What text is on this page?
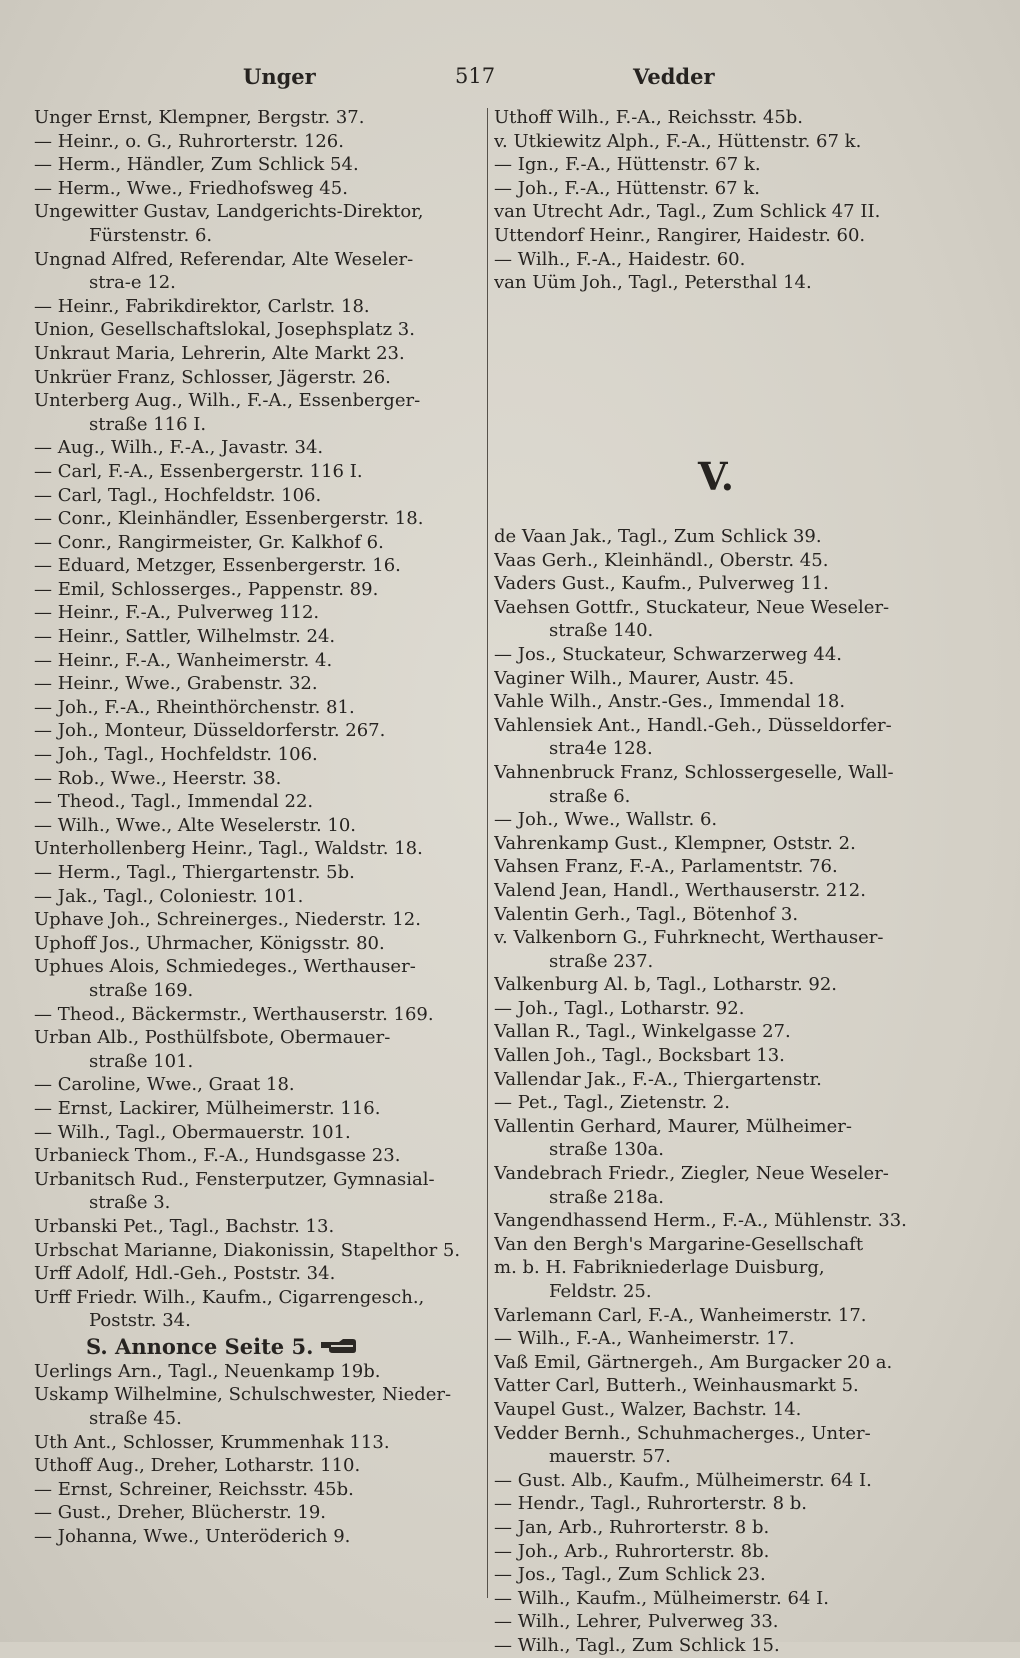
Unger	517	Vedder
Unger Ernst, Klempner, Bergstr. 37.
— Heinr., o. G., Ruhrorterstr. 126.
— Herm., Händler, Zum Schlick 54.
— Herm., Wwe., Friedhofsweg 45.
Ungewitter Gustav, Landgerichts-Direktor,
Fürstenstr. 6.
Ungnad Alfred, Referendar, Alte Weseler-
stra-e 12.
— Heinr., Fabrikdirektor, Carlstr. 18.
Union, Gesellschaftslokal, Josephsplatz 3.
Unkraut Maria, Lehrerin, Alte Markt 23.
Unkrüer Franz, Schlosser, Jägerstr. 26.
Unterberg Aug., Wilh., F.-A., Essenberger-
straße 116 I.
— Aug., Wilh., F.-A., Javastr. 34.
— Carl, F.-A., Essenbergerstr. 116 I.
— Carl, Tagl., Hochfeldstr. 106.
— Conr., Kleinhändler, Essenbergerstr. 18.
— Conr., Rangirmeister, Gr. Kalkhof 6.
— Eduard, Metzger, Essenbergerstr. 16.
— Emil, Schlosserges., Pappenstr. 89.
— Heinr., F.-A., Pulverweg 112.
— Heinr., Sattler, Wilhelmstr. 24.
— Heinr., F.-A., Wanheimerstr. 4.
— Heinr., Wwe., Grabenstr. 32.
— Joh., F.-A., Rheinthörchenstr. 81.
— Joh., Monteur, Düsseldorferstr. 267.
— Joh., Tagl., Hochfeldstr. 106.
— Rob., Wwe., Heerstr. 38.
— Theod., Tagl., Immendal 22.
— Wilh., Wwe., Alte Weselerstr. 10.
Unterhollenberg Heinr., Tagl., Waldstr. 18.
— Herm., Tagl., Thiergartenstr. 5b.
— Jak., Tagl., Coloniestr. 101.
Uphave Joh., Schreinerges., Niederstr. 12.
Uphoff Jos., Uhrmacher, Königsstr. 80.
Uphues Alois, Schmiedeges., Werthauser-
straße 169.
— Theod., Bäckermstr., Werthauserstr. 169.
Urban Alb., Posthülfsbote, Obermauer-
straße 101.
— Caroline, Wwe., Graat 18.
— Ernst, Lackirer, Mülheimerstr. 116.
— Wilh., Tagl., Obermauerstr. 101.
Urbanieck Thom., F.-A., Hundsgasse 23.
Urbanitsch Rud., Fensterputzer, Gymnasial-
straße 3.
Urbanski Pet., Tagl., Bachstr. 13.
Urbschat Marianne, Diakonissin, Stapelthor 5.
Urff Adolf, Hdl.-Geh., Poststr. 34.
Urff Friedr. Wilh., Kaufm., Cigarrengesch.,
Poststr. 34.
S. Annonce Seite 5.
Uerlings Arn., Tagl., Neuenkamp 19b.
Uskamp Wilhelmine, Schulschwester, Nieder-
straße 45.
Uth Ant., Schlosser, Krummenhak 113.
Uthoff Aug., Dreher, Lotharstr. 110.
— Ernst, Schreiner, Reichsstr. 45b.
— Gust., Dreher, Blücherstr. 19.
— Johanna, Wwe., Unteröderich 9.
Uthoff Wilh., F.-A., Reichsstr. 45b.
v. Utkiewitz Alph., F.-A., Hüttenstr. 67 k.
— Ign., F.-A., Hüttenstr. 67 k.
— Joh., F.-A., Hüttenstr. 67 k.
van Utrecht Adr., Tagl., Zum Schlick 47 II.
Uttendorf Heinr., Rangirer, Haidestr. 60.
— Wilh., F.-A., Haidestr. 60.
van Uüm Joh., Tagl., Petersthal 14.
V.
de Vaan Jak., Tagl., Zum Schlick 39.
Vaas Gerh., Kleinhändl., Oberstr. 45.
Vaders Gust., Kaufm., Pulverweg 11.
Vaehsen Gottfr., Stuckateur, Neue Weseler-
straße 140.
— Jos., Stuckateur, Schwarzerweg 44.
Vaginer Wilh., Maurer, Austr. 45.
Vahle Wilh., Anstr.-Ges., Immendal 18.
Vahlensiek Ant., Handl.-Geh., Düsseldorfer-
stra4e 128.
Vahnenbruck Franz, Schlossergeselle, Wall-
straße 6.
— Joh., Wwe., Wallstr. 6.
Vahrenkamp Gust., Klempner, Oststr. 2.
Vahsen Franz, F.-A., Parlamentstr. 76.
Valend Jean, Handl., Werthauserstr. 212.
Valentin Gerh., Tagl., Bötenhof 3.
v. Valkenborn G., Fuhrknecht, Werthauser-
straße 237.
Valkenburg Al. b, Tagl., Lotharstr. 92.
— Joh., Tagl., Lotharstr. 92.
Vallan R., Tagl., Winkelgasse 27.
Vallen Joh., Tagl., Bocksbart 13.
Vallendar Jak., F.-A., Thiergartenstr.
— Pet., Tagl., Zietenstr. 2.
Vallentin Gerhard, Maurer, Mülheimer-
straße 130a.
Vandebrach Friedr., Ziegler, Neue Weseler-
straße 218a.
Vangendhassend Herm., F.-A., Mühlenstr. 33.
Van den Bergh's Margarine-Gesellschaft
m. b. H. Fabrikniederlage Duisburg,
Feldstr. 25.
Varlemann Carl, F.-A., Wanheimerstr. 17.
— Wilh., F.-A., Wanheimerstr. 17.
Vaß Emil, Gärtnergeh., Am Burgacker 20 a.
Vatter Carl, Butterh., Weinhausmarkt 5.
Vaupel Gust., Walzer, Bachstr. 14.
Vedder Bernh., Schuhmacherges., Unter-
mauerstr. 57.
— Gust. Alb., Kaufm., Mülheimerstr. 64 I.
— Hendr., Tagl., Ruhrorterstr. 8 b.
— Jan, Arb., Ruhrorterstr. 8 b.
— Joh., Arb., Ruhrorterstr. 8b.
— Jos., Tagl., Zum Schlick 23.
— Wilh., Kaufm., Mülheimerstr. 64 I.
— Wilh., Lehrer, Pulverweg 33.
— Wilh., Tagl., Zum Schlick 15.
